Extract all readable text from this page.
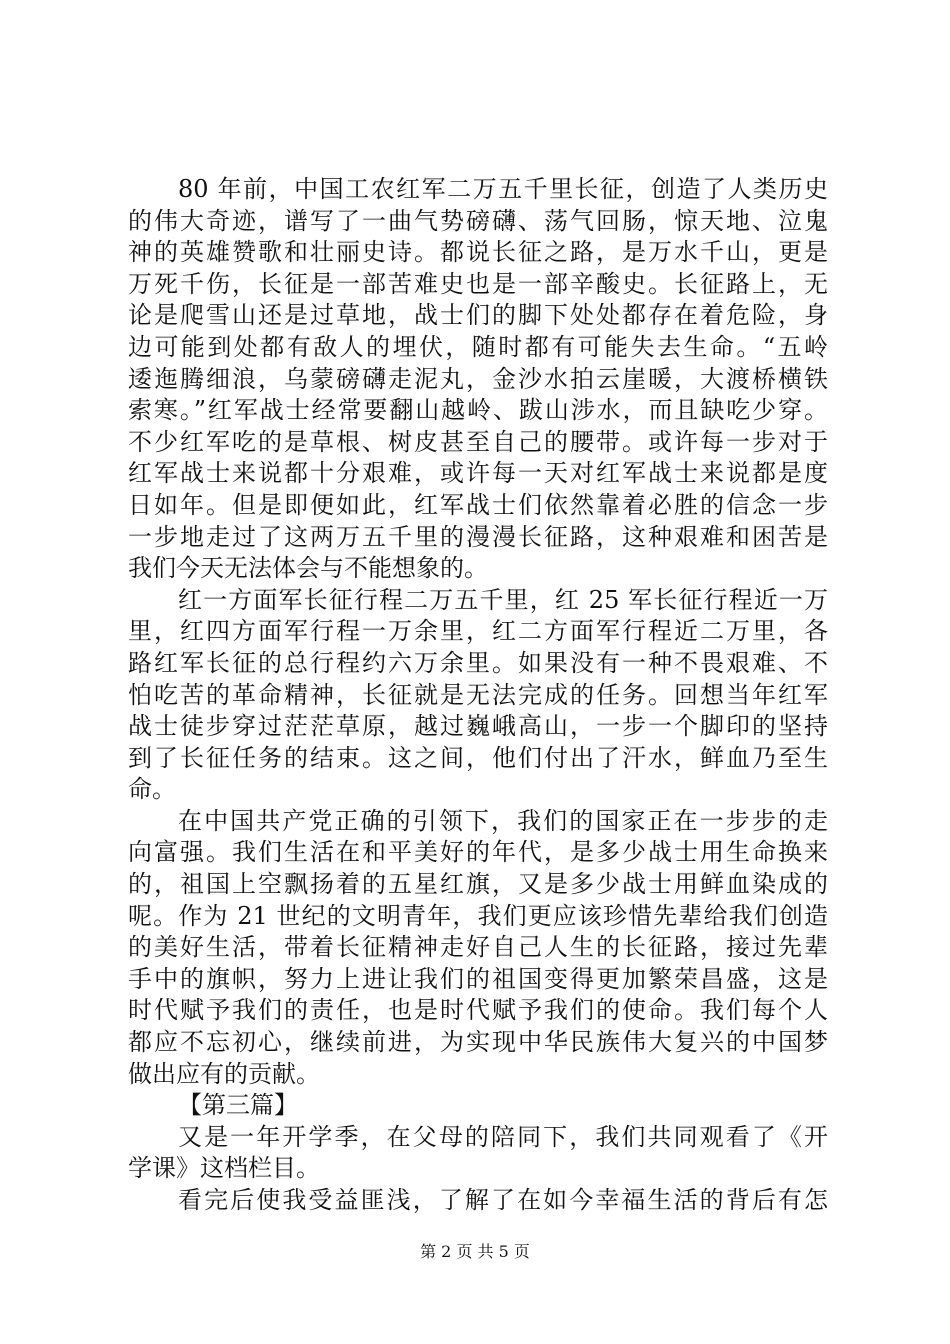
80 年前，中国工农红军二万五千里长征，创造了人类历史
的伟大奇迹，谱写了一曲气势磅礴、荡气回肠，惊天地、泣鬼
神的英雄赞歌和壮丽史诗。都说长征之路，是万水千山，更是
万死千伤，长征是一部苦难史也是一部辛酸史。长征路上，无
论是爬雪山还是过草地，战士们的脚下处处都存在着危险，身
边可能到处都有敌人的埋伏，随时都有可能失去生命。“五岭
逶迤腾细浪，乌蒙磅礴走泥丸，金沙水拍云崖暖，大渡桥横铁
索寒。”红军战士经常要翻山越岭、跋山涉水，而且缺吃少穿。
不少红军吃的是草根、树皮甚至自己的腰带。或许每一步对于
红军战士来说都十分艰难，或许每一天对红军战士来说都是度
日如年。但是即便如此，红军战士们依然靠着必胜的信念一步
一步地走过了这两万五千里的漫漫长征路，这种艰难和困苦是
我们今天无法体会与不能想象的。
红一方面军长征行程二万五千里，红 25 军长征行程近一万
里，红四方面军行程一万余里，红二方面军行程近二万里，各
路红军长征的总行程约六万余里。如果没有一种不畏艰难、不
怕吃苦的革命精神，长征就是无法完成的任务。回想当年红军
战士徒步穿过茫茫草原，越过巍峨高山，一步一个脚印的坚持
到了长征任务的结束。这之间，他们付出了汗水，鲜血乃至生
命。
在中国共产党正确的引领下，我们的国家正在一步步的走
向富强。我们生活在和平美好的年代，是多少战士用生命换来
的，祖国上空飘扬着的五星红旗，又是多少战士用鲜血染成的
呢。作为 21 世纪的文明青年，我们更应该珍惜先辈给我们创造
的美好生活，带着长征精神走好自己人生的长征路，接过先辈
手中的旗帜，努力上进让我们的祖国变得更加繁荣昌盛，这是
时代赋予我们的责任，也是时代赋予我们的使命。我们每个人
都应不忘初心，继续前进，为实现中华民族伟大复兴的中国梦
做出应有的贡献。
【第三篇】
又是一年开学季，在父母的陪同下，我们共同观看了《开
学课》这档栏目。
看完后使我受益匪浅，了解了在如今幸福生活的背后有怎
第 2 页 共 5 页
